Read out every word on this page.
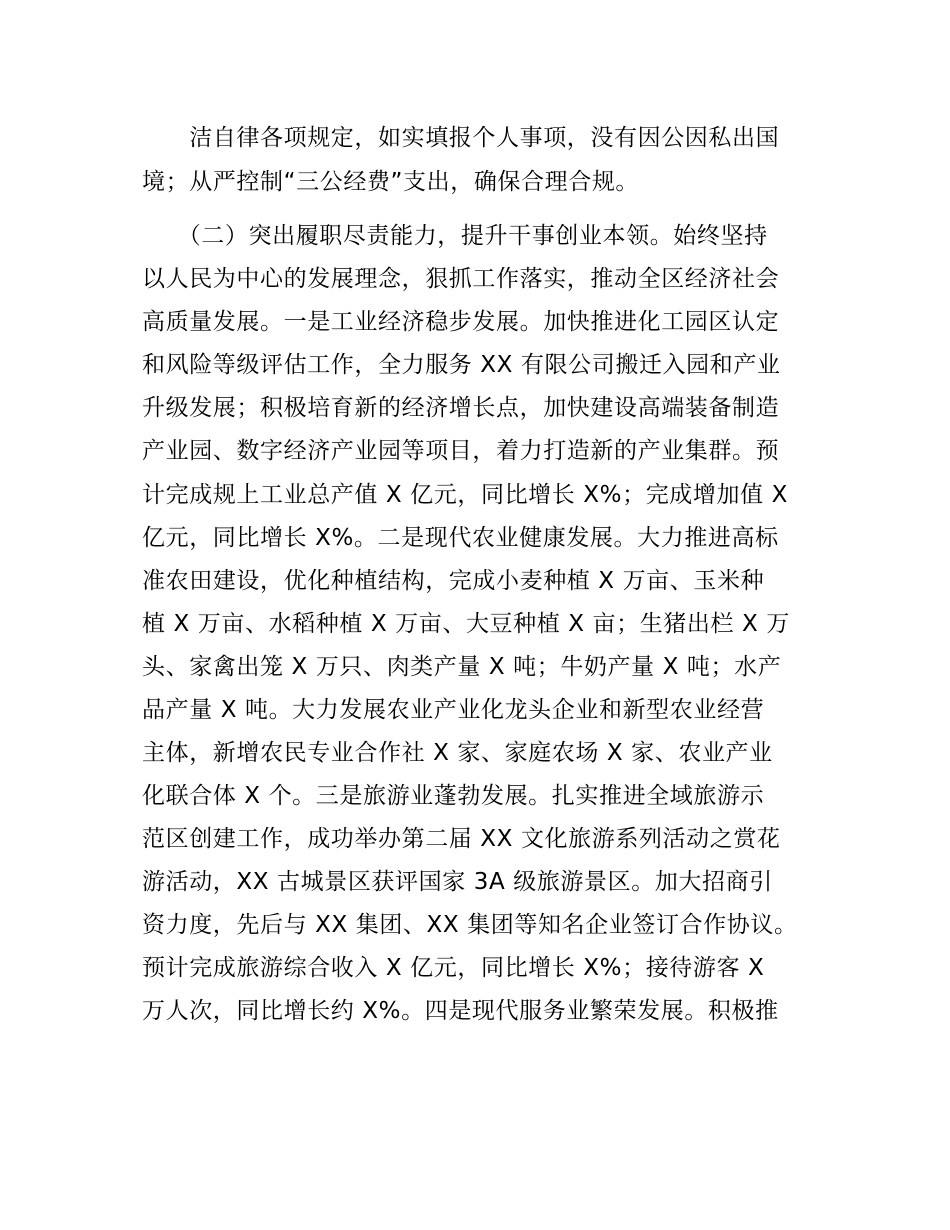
　　洁自律各项规定，如实填报个人事项，没有因公因私出国
境；从严控制“三公经费”支出，确保合理合规。
　　（二）突出履职尽责能力，提升干事创业本领。始终坚持
以人民为中心的发展理念，狠抓工作落实，推动全区经济社会
高质量发展。一是工业经济稳步发展。加快推进化工园区认定
和风险等级评估工作，全力服务 XX 有限公司搬迁入园和产业
升级发展；积极培育新的经济增长点，加快建设高端装备制造
产业园、数字经济产业园等项目，着力打造新的产业集群。预
计完成规上工业总产值 X 亿元，同比增长 X%；完成增加值 X
亿元，同比增长 X%。二是现代农业健康发展。大力推进高标
准农田建设，优化种植结构，完成小麦种植 X 万亩、玉米种
植 X 万亩、水稻种植 X 万亩、大豆种植 X 亩；生猪出栏 X 万
头、家禽出笼 X 万只、肉类产量 X 吨；牛奶产量 X 吨；水产
品产量 X 吨。大力发展农业产业化龙头企业和新型农业经营
主体，新增农民专业合作社 X 家、家庭农场 X 家、农业产业
化联合体 X 个。三是旅游业蓬勃发展。扎实推进全域旅游示
范区创建工作，成功举办第二届 XX 文化旅游系列活动之赏花
游活动，XX 古城景区获评国家 3A 级旅游景区。加大招商引
资力度，先后与 XX 集团、XX 集团等知名企业签订合作协议。
预计完成旅游综合收入 X 亿元，同比增长 X%；接待游客 X
万人次，同比增长约 X%。四是现代服务业繁荣发展。积极推
